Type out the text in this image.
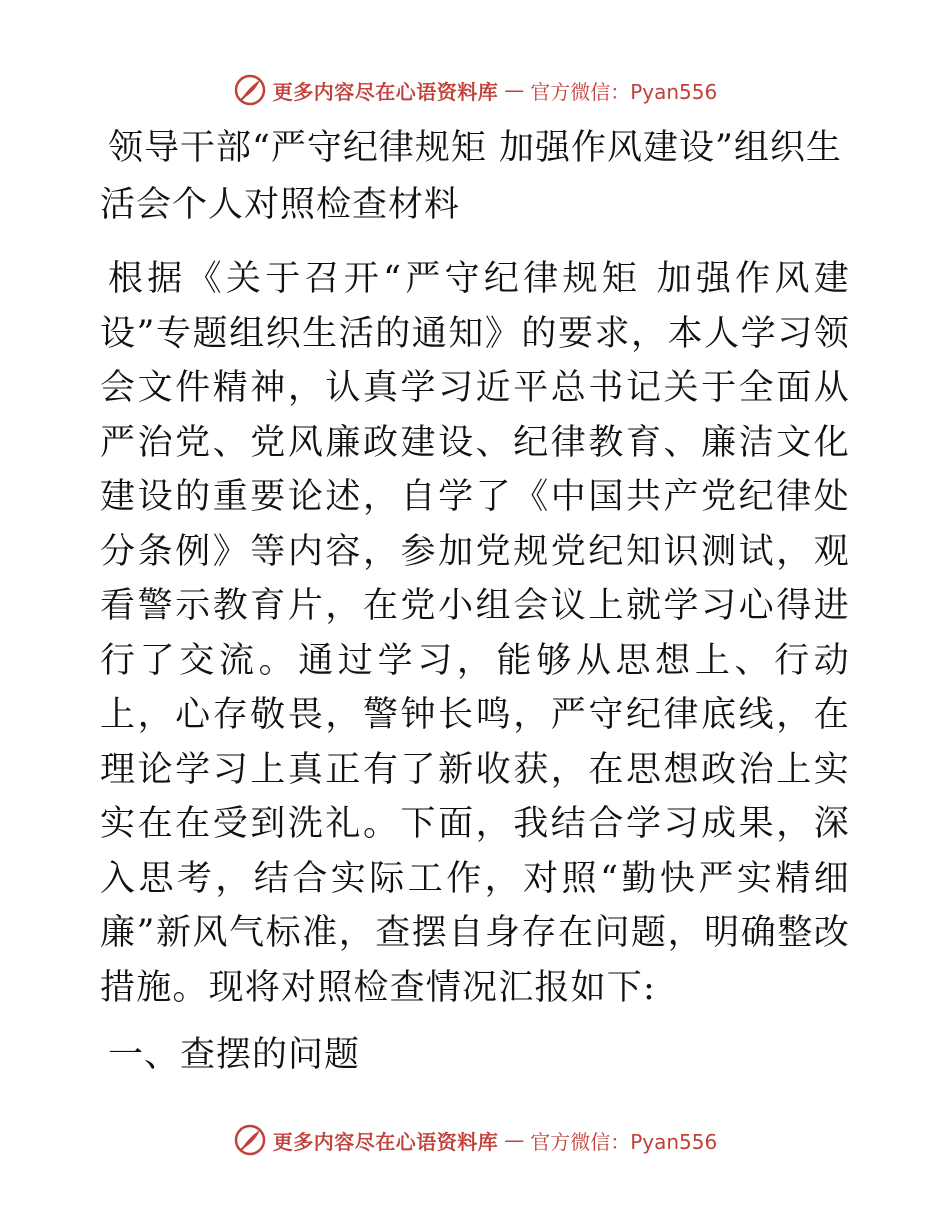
更多内容尽在心语资料库 — 官方微信：Pyan556
领导干部“严守纪律规矩 加强作风建设”组织生活会个人对照检查材料

根据《关于召开“严守纪律规矩 加强作风建设”专题组织生活的通知》的要求，本人学习领会文件精神，认真学习近平总书记关于全面从严治党、党风廉政建设、纪律教育、廉洁文化建设的重要论述，自学了《中国共产党纪律处分条例》等内容，参加党规党纪知识测试，观看警示教育片，在党小组会议上就学习心得进行了交流。通过学习，能够从思想上、行动上，心存敬畏，警钟长鸣，严守纪律底线，在理论学习上真正有了新收获，在思想政治上实实在在受到洗礼。下面，我结合学习成果，深入思考，结合实际工作，对照“勤快严实精细廉”新风气标准，查摆自身存在问题，明确整改措施。现将对照检查情况汇报如下:

一、查摆的问题
更多内容尽在心语资料库 — 官方微信：Pyan556
